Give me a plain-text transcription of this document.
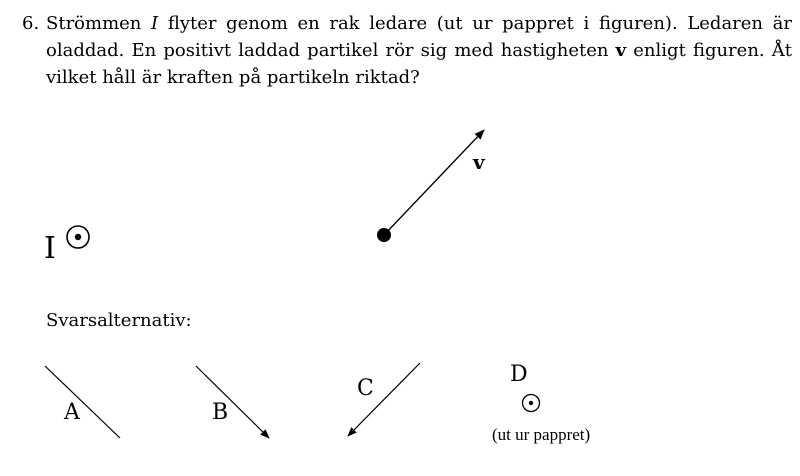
6. Strömmen I flyter genom en rak ledare (ut ur pappret i figuren). Ledaren är oladdad. En positivt laddad partikel rör sig med hastigheten v enligt figuren. Åt vilket håll är kraften på partikeln riktad?
I
v
Svarsalternativ:
A	B
C
D
(ut ur pappret)
